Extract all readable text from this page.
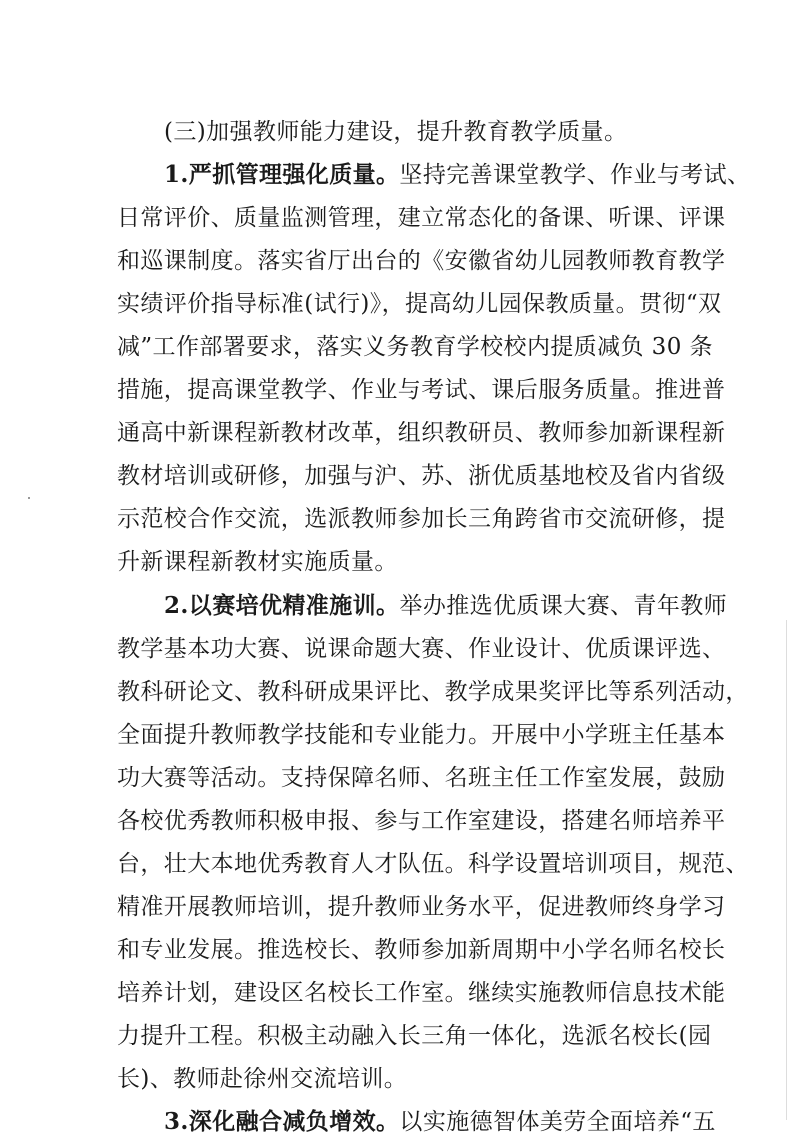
(三)加强教师能力建设，提升教育教学质量。
1.严抓管理强化质量。坚持完善课堂教学、作业与考试、
日常评价、质量监测管理，建立常态化的备课、听课、评课
和巡课制度。落实省厅出台的《安徽省幼儿园教师教育教学
实绩评价指导标准(试行)》，提高幼儿园保教质量。贯彻“双
减”工作部署要求，落实义务教育学校校内提质减负 30 条
措施，提高课堂教学、作业与考试、课后服务质量。推进普
通高中新课程新教材改革，组织教研员、教师参加新课程新
教材培训或研修，加强与沪、苏、浙优质基地校及省内省级
示范校合作交流，选派教师参加长三角跨省市交流研修，提
升新课程新教材实施质量。
2.以赛培优精准施训。举办推选优质课大赛、青年教师
教学基本功大赛、说课命题大赛、作业设计、优质课评选、
教科研论文、教科研成果评比、教学成果奖评比等系列活动，
全面提升教师教学技能和专业能力。开展中小学班主任基本
功大赛等活动。支持保障名师、名班主任工作室发展，鼓励
各校优秀教师积极申报、参与工作室建设，搭建名师培养平
台，壮大本地优秀教育人才队伍。科学设置培训项目，规范、
精准开展教师培训，提升教师业务水平，促进教师终身学习
和专业发展。推选校长、教师参加新周期中小学名师名校长
培养计划，建设区名校长工作室。继续实施教师信息技术能
力提升工程。积极主动融入长三角一体化，选派名校长(园
长)、教师赴徐州交流培训。
3.深化融合减负增效。以实施德智体美劳全面培养“五
